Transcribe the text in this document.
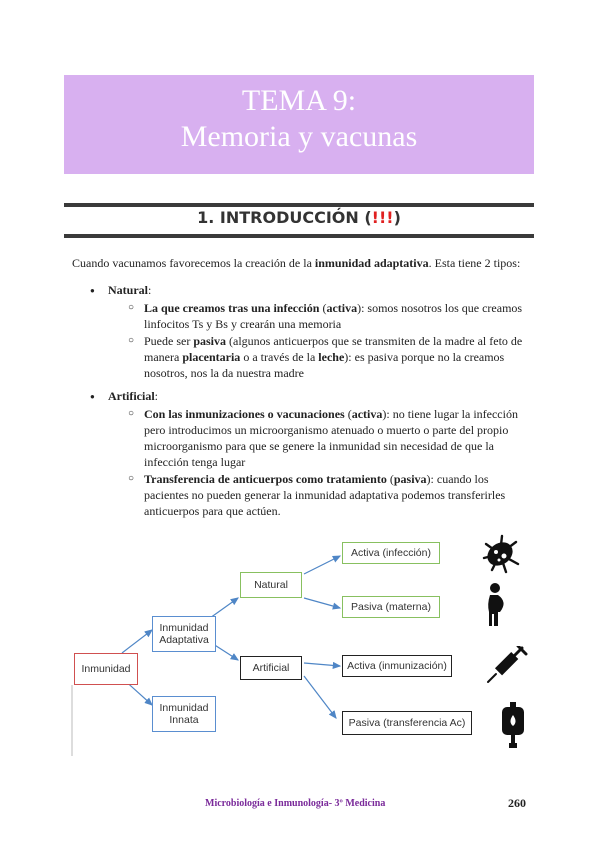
TEMA 9:
Memoria y vacunas
1. INTRODUCCIÓN (!!!)
Cuando vacunamos favorecemos la creación de la inmunidad adaptativa. Esta tiene 2 tipos:
● Natural:
○ La que creamos tras una infección (activa): somos nosotros los que creamos linfocitos Ts y Bs y crearán una memoria
○ Puede ser pasiva (algunos anticuerpos que se transmiten de la madre al feto de manera placentaria o a través de la leche): es pasiva porque no la creamos nosotros, nos la da nuestra madre
● Artificial:
○ Con las inmunizaciones o vacunaciones (activa): no tiene lugar la infección pero introducimos un microorganismo atenuado o muerto o parte del propio microorganismo para que se genere la inmunidad sin necesidad de que la infección tenga lugar
○ Transferencia de anticuerpos como tratamiento (pasiva): cuando los pacientes no pueden generar la inmunidad adaptativa podemos transferirles anticuerpos para que actúen.
Inmunidad
Inmunidad Adaptativa
Inmunidad Innata
Natural
Artificial
Activa (infección)
Pasiva (materna)
Activa (inmunización)
Pasiva (transferencia Ac)
Microbiología e Inmunología- 3º Medicina	260
